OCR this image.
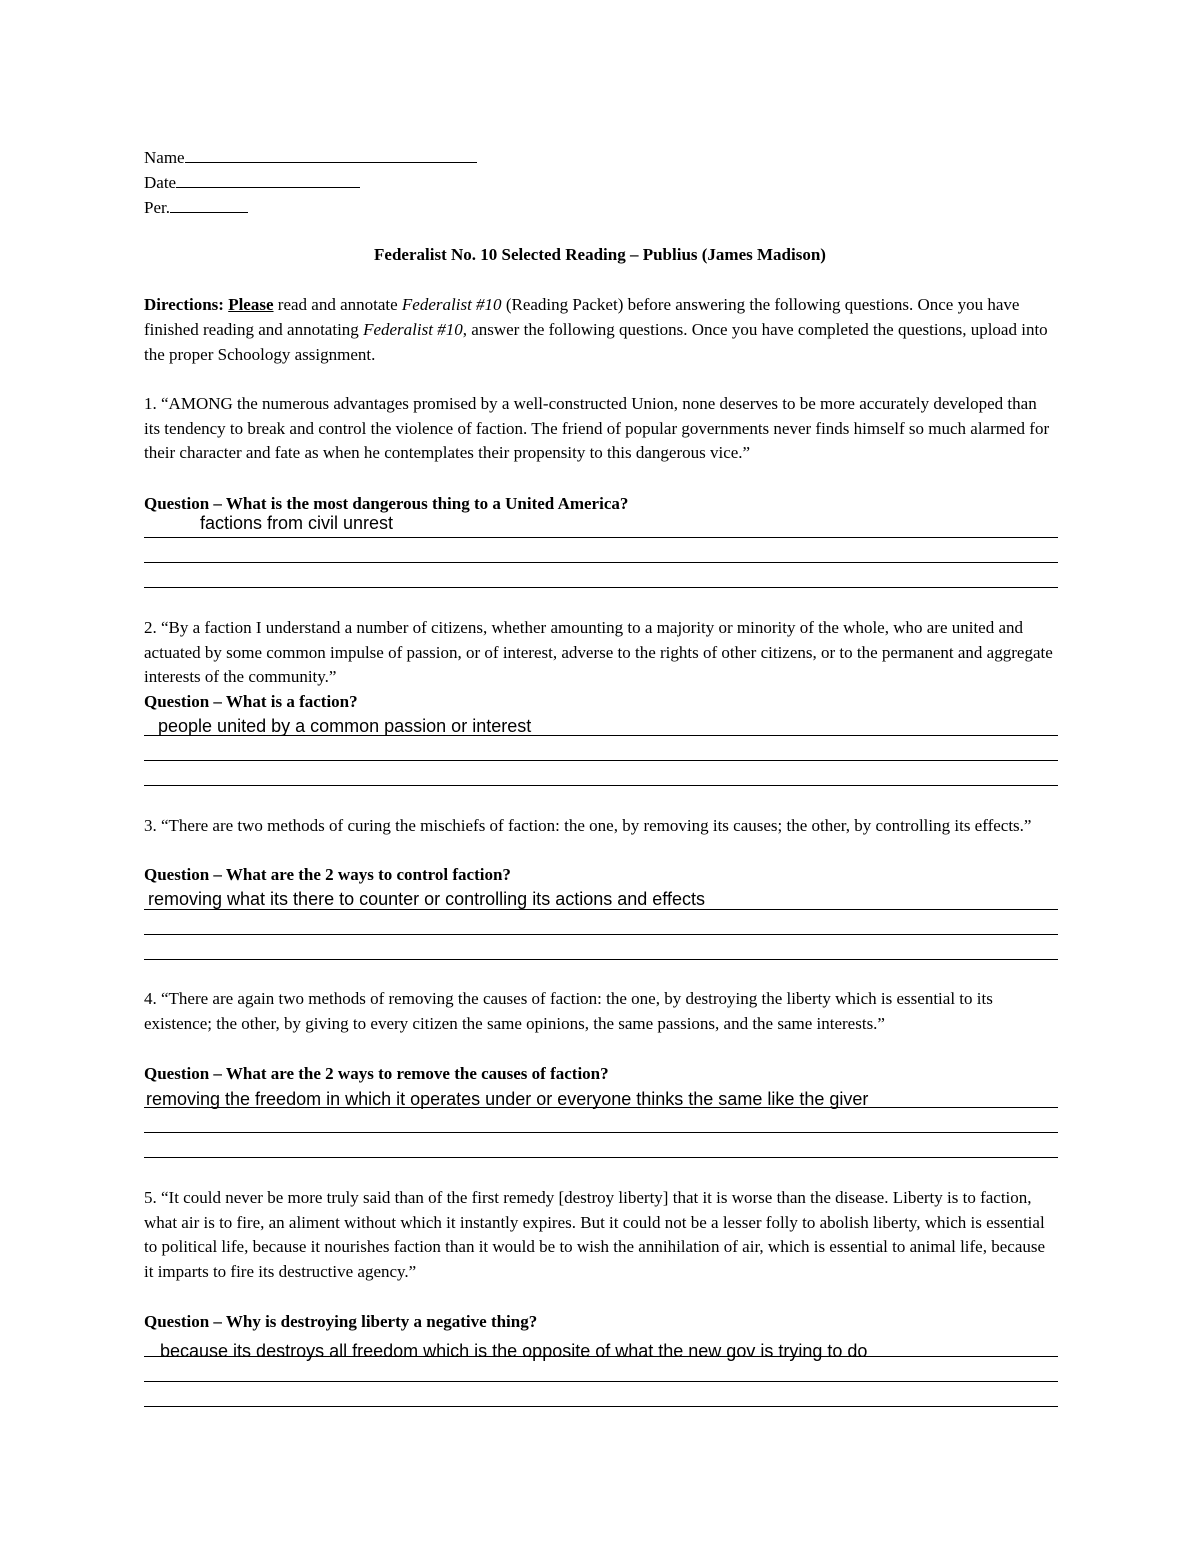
Name
Date
Per.
Federalist No. 10 Selected Reading – Publius (James Madison)
Directions: Please read and annotate Federalist #10 (Reading Packet) before answering the following questions. Once you have finished reading and annotating Federalist #10, answer the following questions. Once you have completed the questions, upload into the proper Schoology assignment.
1. “AMONG the numerous advantages promised by a well-constructed Union, none deserves to be more accurately developed than its tendency to break and control the violence of faction. The friend of popular governments never finds himself so much alarmed for their character and fate as when he contemplates their propensity to this dangerous vice.”
Question – What is the most dangerous thing to a United America?
factions from civil unrest
2. “By a faction I understand a number of citizens, whether amounting to a majority or minority of the whole, who are united and actuated by some common impulse of passion, or of interest, adverse to the rights of other citizens, or to the permanent and aggregate interests of the community.”
Question – What is a faction?
people united by a common passion or interest
3. “There are two methods of curing the mischiefs of faction: the one, by removing its causes; the other, by controlling its effects.”
Question – What are the 2 ways to control faction?
removing what its there to counter or controlling its actions and effects
4. “There are again two methods of removing the causes of faction: the one, by destroying the liberty which is essential to its existence; the other, by giving to every citizen the same opinions, the same passions, and the same interests.”
Question – What are the 2 ways to remove the causes of faction?
removing the freedom in which it operates under or everyone thinks the same like the giver
5. “It could never be more truly said than of the first remedy [destroy liberty] that it is worse than the disease. Liberty is to faction, what air is to fire, an aliment without which it instantly expires. But it could not be a lesser folly to abolish liberty, which is essential to political life, because it nourishes faction than it would be to wish the annihilation of air, which is essential to animal life, because it imparts to fire its destructive agency.”
Question – Why is destroying liberty a negative thing?
because its destroys all freedom which is the opposite of what the new gov is trying to do
